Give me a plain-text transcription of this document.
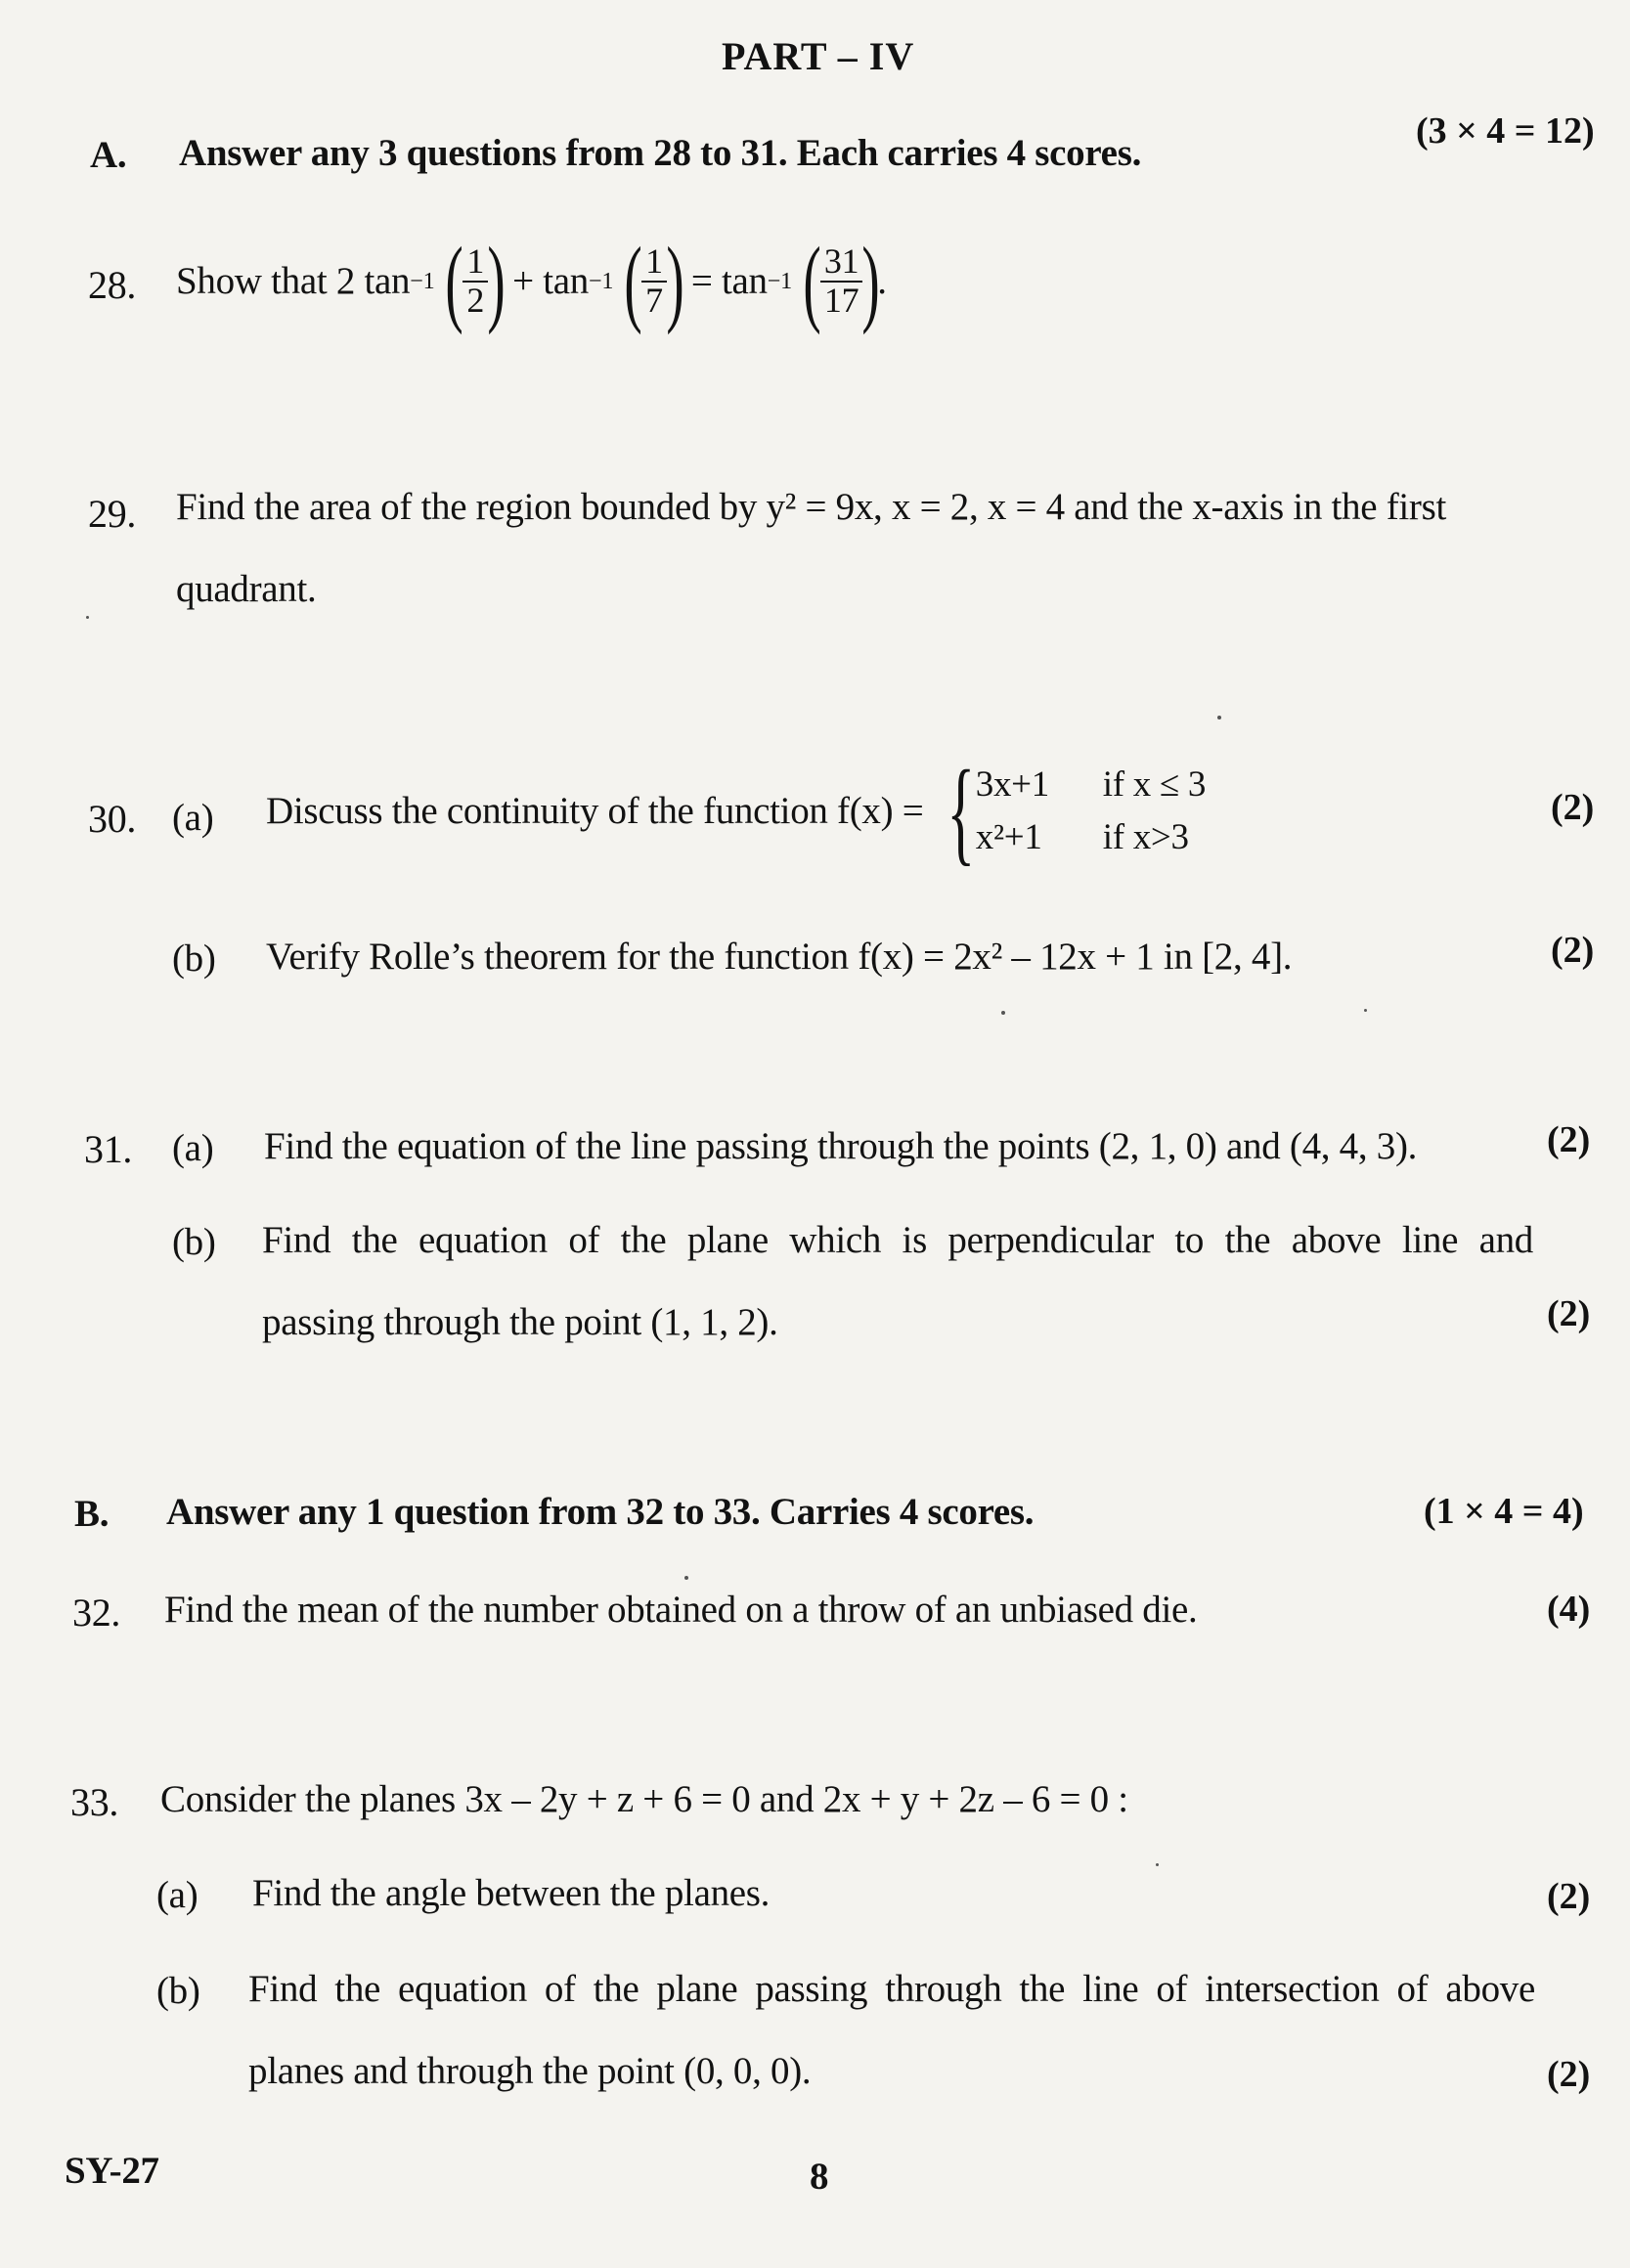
PART – IV
A. Answer any 3 questions from 28 to 31. Each carries 4 scores.
(3 × 4 = 12)
28. Show that 2 tan −1 ( $\frac{1}{2}$ ) + tan −1 ( $\frac{1}{7}$ ) = tan −1 ( $\frac{31}{17}$ )
.
29. Find the area of the region bounded by y² = 9x, x = 2, x = 4 and the x-axis in the first
quadrant.
30. (a) Discuss the continuity of the function f(x) = { 3x+1 if x ≤ 3
x²+1 if x>3
(2)
(b) Verify Rolle’s theorem for the function f(x) = 2x² – 12x + 1 in [2, 4].	(2)
31. (a) Find the equation of the line passing through the points (2, 1, 0) and (4, 4, 3).	(2)
(b) Find the equation of the plane which is perpendicular to the above line and
passing through the point (1, 1, 2).	(2)
B. Answer any 1 question from 32 to 33. Carries 4 scores.	(1 × 4 = 4)
32. Find the mean of the number obtained on a throw of an unbiased die.	(4)
33. Consider the planes 3x – 2y + z + 6 = 0 and 2x + y + 2z – 6 = 0 :
(a) Find the angle between the planes.	(2)
(b) Find the equation of the plane passing through the line of intersection of above
planes and through the point (0, 0, 0).	(2)
SY-27	8
